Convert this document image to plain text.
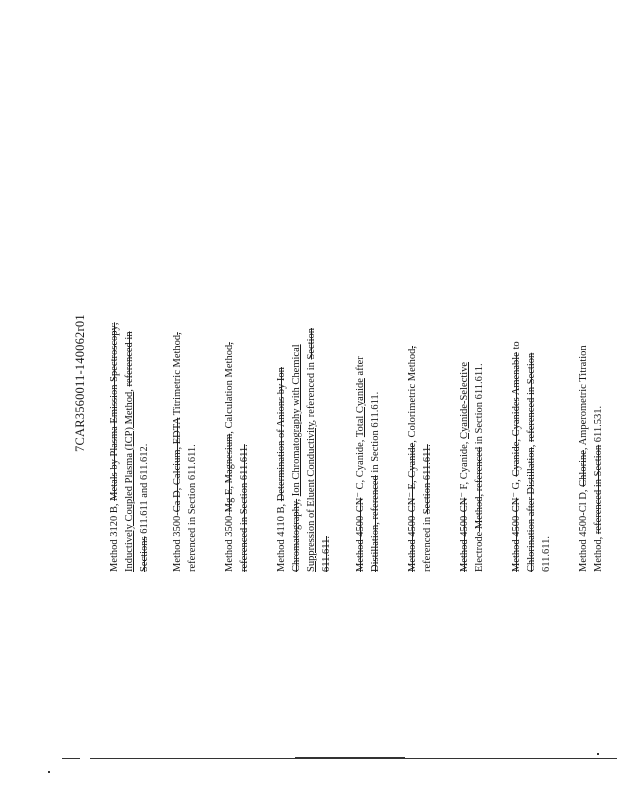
7CAR3560011-140062r01
Method 3120 B, Metals by Plasma Emission Spectroscopy; Inductively Coupled Plasma (ICP) Method, referenced in
Sections 611.611 and 611.612.
Method 3500-Ca D, Calcium, EDTA Titrimetric Method,
referenced in Section 611.611. Method 3500-Mg E, Magnesium, Calculation Method,
referenced in Section 611.611. Method 4110 B, Determination of Anions by Ion
Chromatography, Ion Chromatography with Chemical
Suppression of Eluent Conductivity, referenced in Section
611.611. Method 4500-CN⁻ C, Cyanide, Total Cyanide after
Distillation, referenced in Section 611.611.
Method 4500-CN⁻ E, Cyanide, Colorimetric Method,
referenced in Section 611.611.
Method 4500-CN⁻ F, Cyanide, Cyanide-Selective
Electrode Method, referenced in Section 611.611.
Method 4500-CN⁻ G, Cyanide, Cyanides Amenable to
Chlorination after Distillation, referenced in Section
611.611. Method 4500-Cl D, Chlorine, Amperometric Titration
Method, referenced in Section 611.531.
